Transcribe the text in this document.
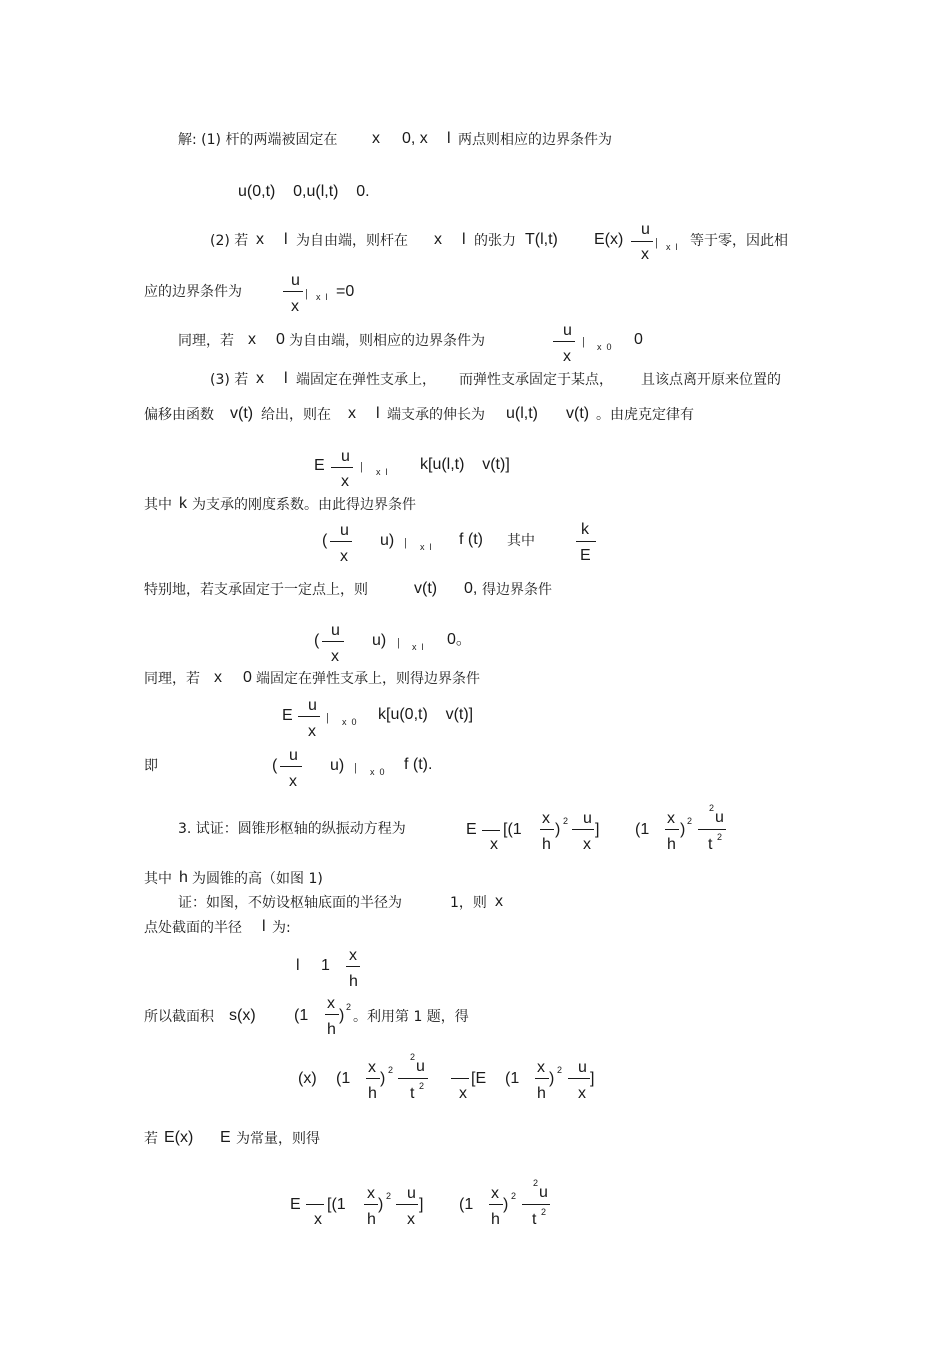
解: (1) 杆的两端被固定在 x 0, x l 两点则相应的边界条件为
u(0,t)    0,u(l,t)    0.
(2) 若 x l 为自由端，则杆在 x l 的张力 T(l,t) E(x)
u
x
| x  l 等于零，因此相
应的边界条件为
u
x
| x  l =0
同理，若 x 0 为自由端，则相应的边界条件为
u
x
| x  0 0
(3) 若 x l 端固定在弹性支承上， 而弹性支承固定于某点， 且该点离开原来位置的
偏移由函数 v(t) 给出，则在 x l 端支承的伸长为 u(l,t) v(t) 。由虎克定律有
E
u
x
| x  l k[u(l,t)    v(t)]
其中 k 为支承的刚度系数。由此得边界条件
(
u
x
u) | x  l f (t) 其中
k
E
特别地，若支承固定于一定点上，则	v(t) 0, 得边界条件
(
u
x
u) | x  l 0。
同理，若 x 0 端固定在弹性支承上，则得边界条件
E
u
x
| x  0 k[u(0,t)    v(t)]
即	(
u
x
u) | x  0 f (t).
3. 试证：圆锥形枢轴的纵振动方程为	E
x
[(1
x
h
) 2 u
x
] (1
x
h
) 2
2
u
t 2
其中 h 为圆锥的高（如图 1)
证：如图，不妨设枢轴底面的半径为	1，则 x
点处截面的半径 l 为:
l 1
x
h
所以截面积 s(x) (1
x
h
) 2
。利用第 1 题，得
(x) (1
x
h
) 2
2
u
t 2 x
[E (1
x
h
) 2 u
x
]
若 E(x) E 为常量，则得
E
x
[(1
x
h
) 2 u
x
] (1
x
h
) 2
2
u
t 2
